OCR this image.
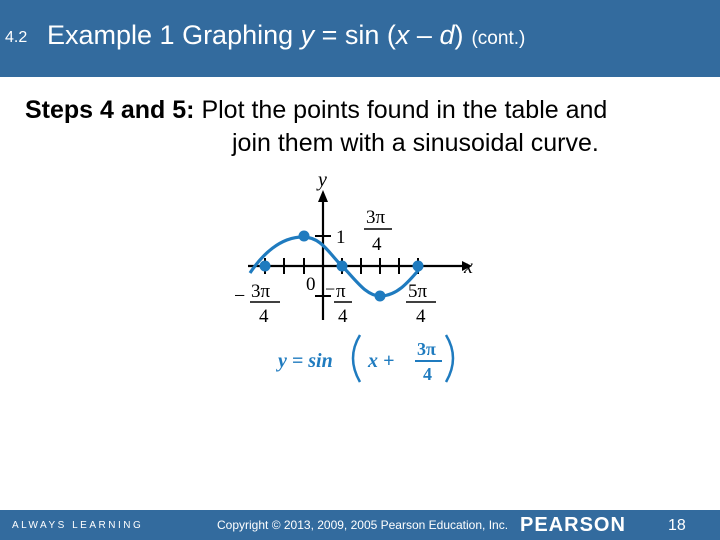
4.2 Example 1 Graphing y = sin (x – d) (cont.)
Steps 4 and 5: Plot the points found in the table and
join them with a sinusoidal curve.
y
x
0
1
3π
4
− 3π
4
− π
4
5π
4
y = sin x +
3π
4
ALWAYS LEARNING	Copyright © 2013, 2009, 2005 Pearson Education, Inc. PEARSON	18
